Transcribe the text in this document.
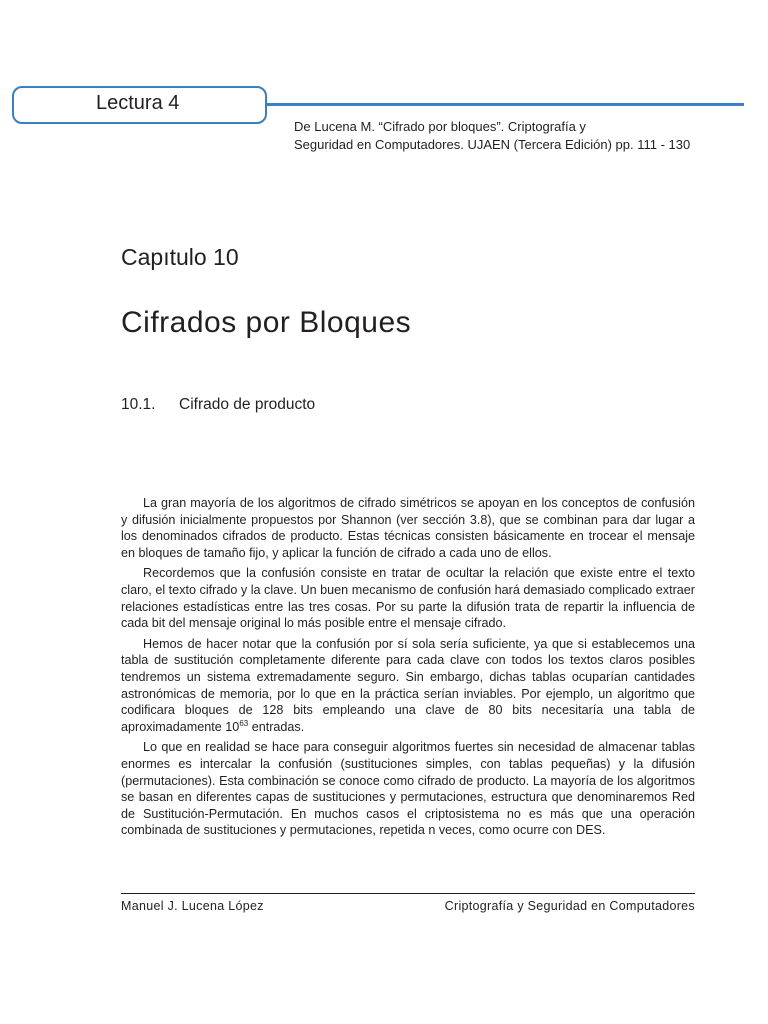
Lectura 4
De Lucena M. “Cifrado por bloques”. Criptografía y
Seguridad en Computadores. UJAEN (Tercera Edición) pp. 111 - 130
Capıtulo 10
Cifrados por Bloques
10.1. Cifrado de producto

La gran mayoría de los algoritmos de cifrado simétricos se apoyan en los conceptos de confusión y difusión inicialmente propuestos por Shannon (ver sección 3.8), que se combinan para dar lugar a los denominados cifrados de producto. Estas técnicas consisten básicamente en trocear el mensaje en bloques de tamaño fijo, y aplicar la función de cifrado a cada uno de ellos.

Recordemos que la confusión consiste en tratar de ocultar la relación que existe entre el texto claro, el texto cifrado y la clave. Un buen mecanismo de confusión hará demasiado complicado extraer relaciones estadísticas entre las tres cosas. Por su parte la difusión trata de repartir la influencia de cada bit del mensaje original lo más posible entre el mensaje cifrado.

Hemos de hacer notar que la confusión por sí sola sería suficiente, ya que si establecemos una tabla de sustitución completamente diferente para cada clave con todos los textos claros posibles tendremos un sistema extremadamente seguro. Sin embargo, dichas tablas ocuparían cantidades astronómicas de memoria, por lo que en la práctica serían inviables. Por ejemplo, un algoritmo que codificara bloques de 128 bits empleando una clave de 80 bits necesitaría una tabla de aproximadamente $10^{63}$ entradas.

Lo que en realidad se hace para conseguir algoritmos fuertes sin necesidad de almacenar tablas enormes es intercalar la confusión (sustituciones simples, con tablas pequeñas) y la difusión (permutaciones). Esta combinación se conoce como cifrado de producto. La mayoría de los algoritmos se basan en diferentes capas de sustituciones y permutaciones, estructura que denominaremos Red de Sustitución-Permutación. En muchos casos el criptosistema no es más que una operación combinada de sustituciones y permutaciones, repetida n veces, como ocurre con DES.

Manuel J. Lucena López	Criptografía y Seguridad en Computadores
